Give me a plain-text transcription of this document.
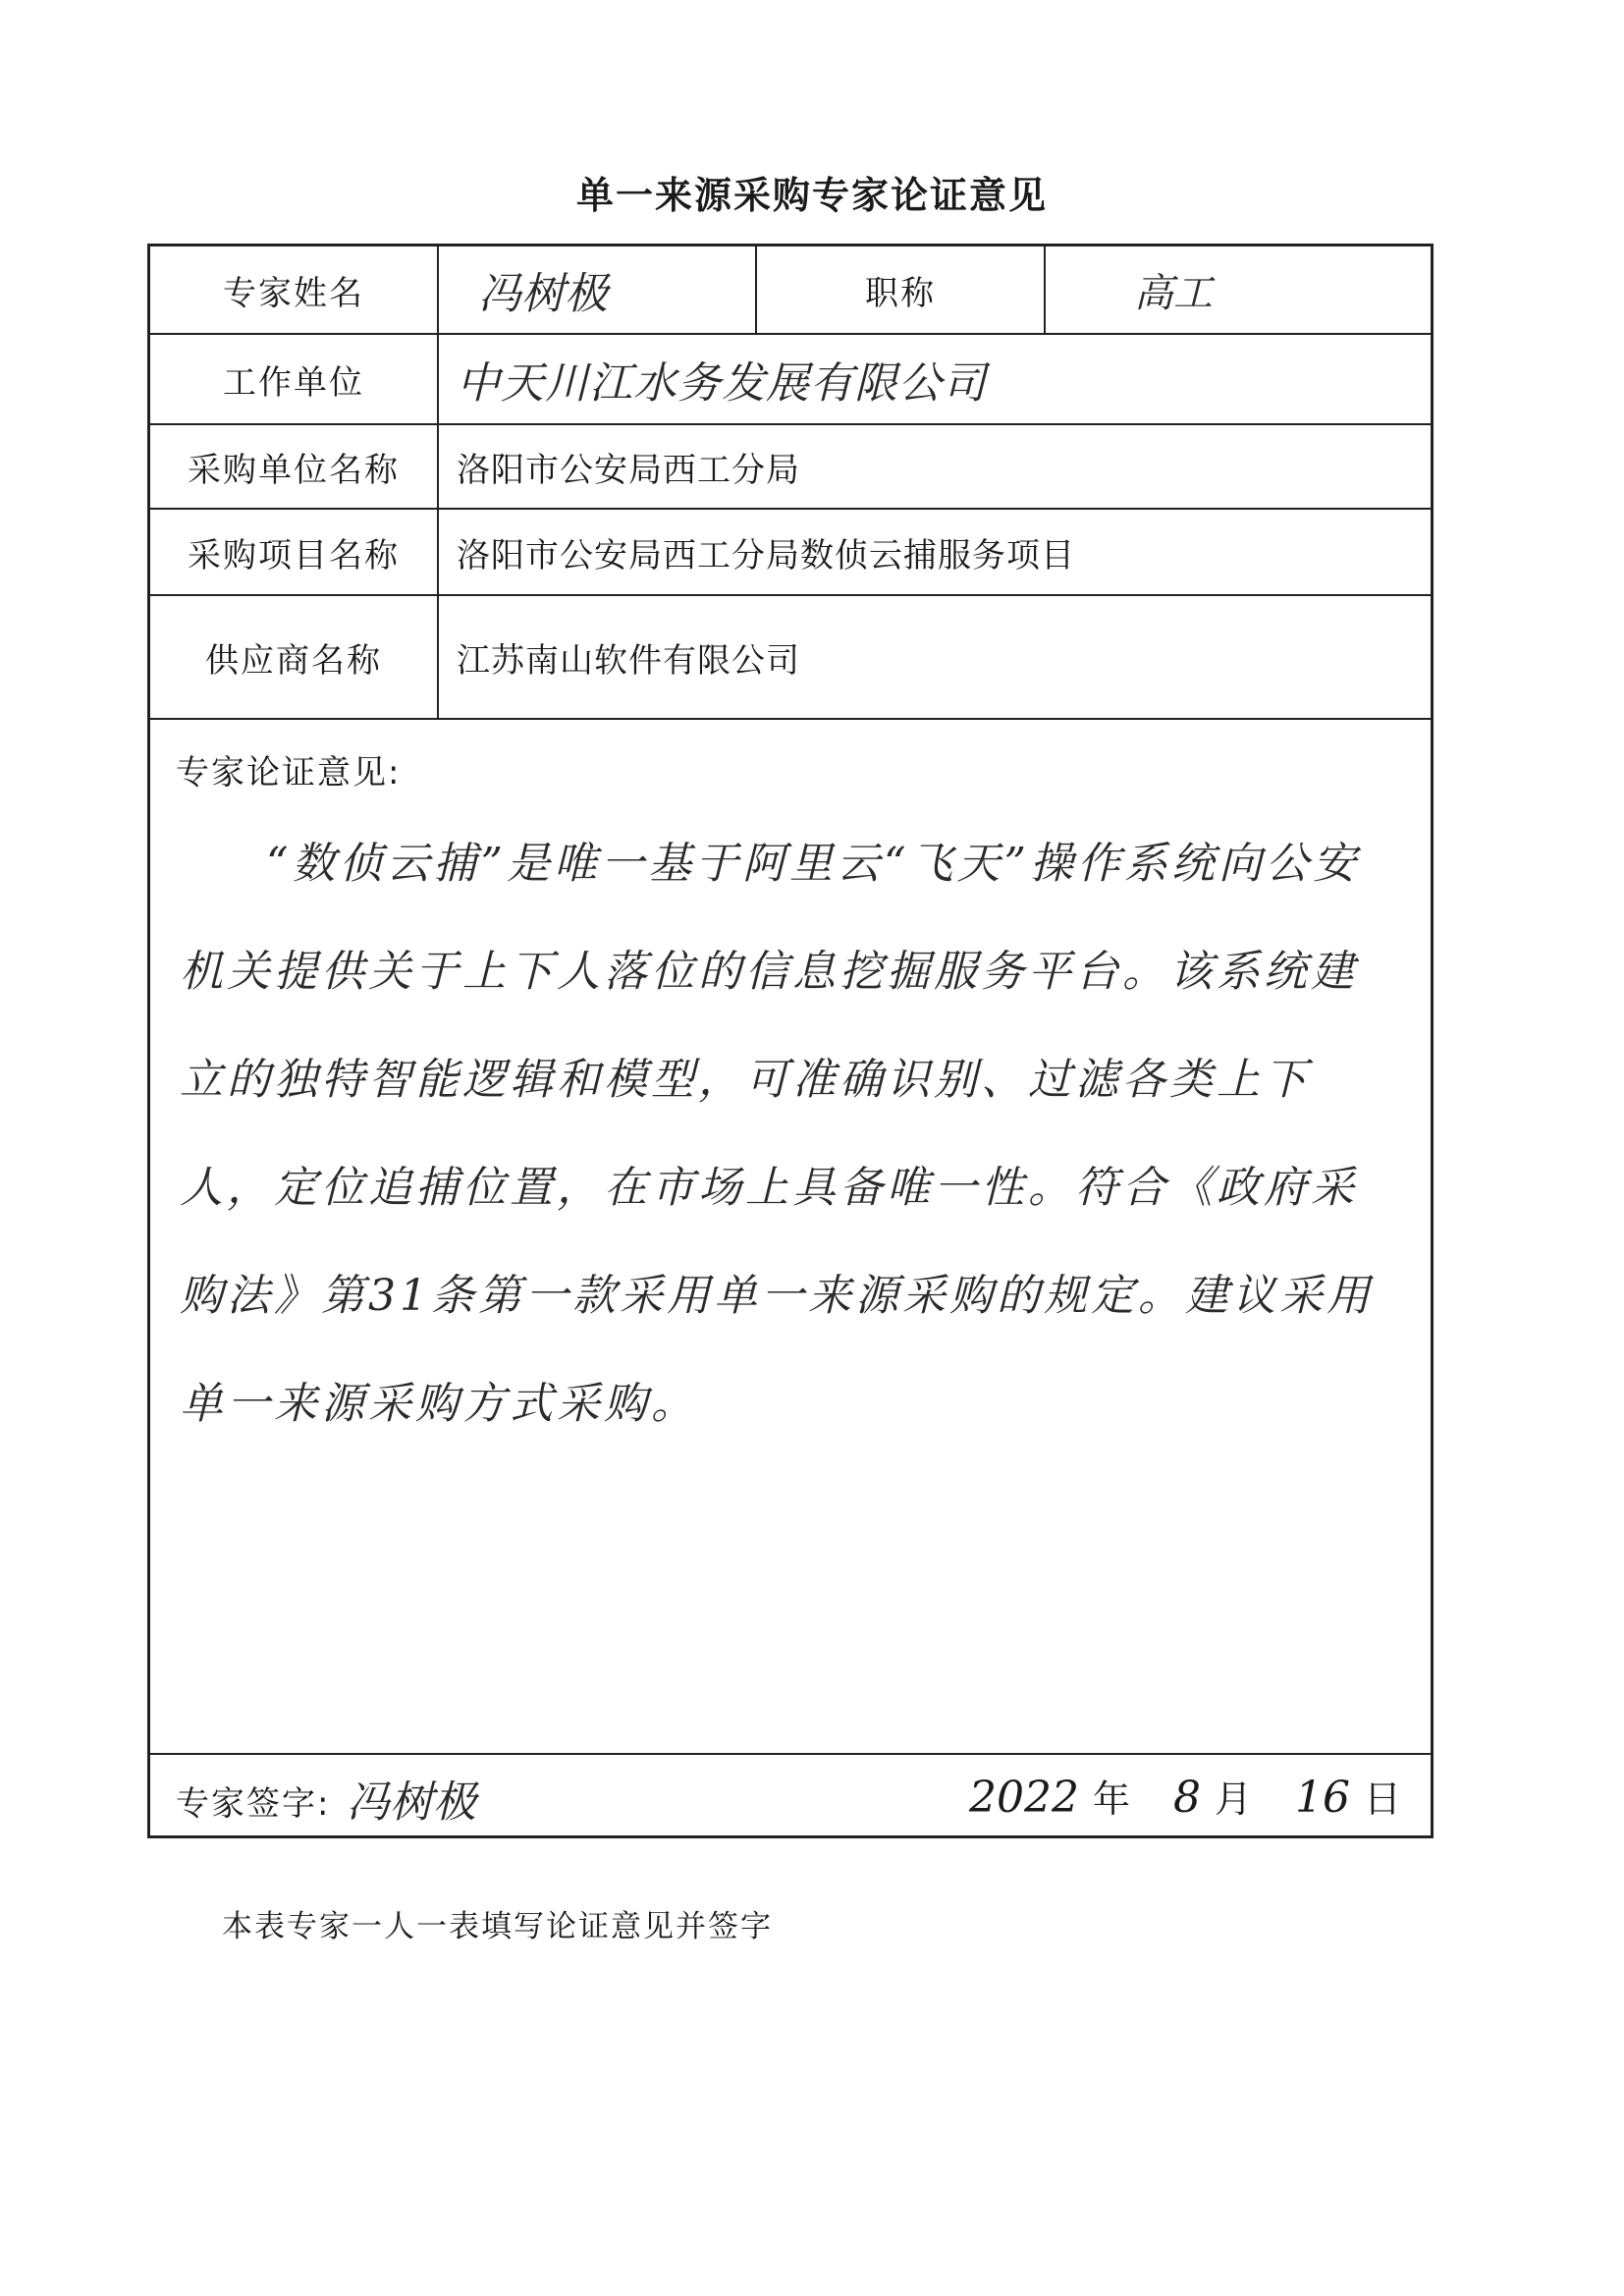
单一来源采购专家论证意见
专家姓名	冯树极	职称	高工
工作单位	中天川江水务发展有限公司
采购单位名称	洛阳市公安局西工分局
采购项目名称	洛阳市公安局西工分局数侦云捕服务项目
供应商名称	江苏南山软件有限公司
专家论证意见:
“数侦云捕”是唯一基于阿里云“飞天”操作系统向公安机关提供关于上下人落位的信息挖掘服务平台。该系统建立的独特智能逻辑和模型，可准确识别、过滤各类上下人，定位追捕位置，在市场上具备唯一性。符合《政府采购法》第31条第一款采用单一来源采购的规定。建议采用单一来源采购方式采购。
专家签字: 冯树极	2022 年 8 月 16 日
本表专家一人一表填写论证意见并签字
